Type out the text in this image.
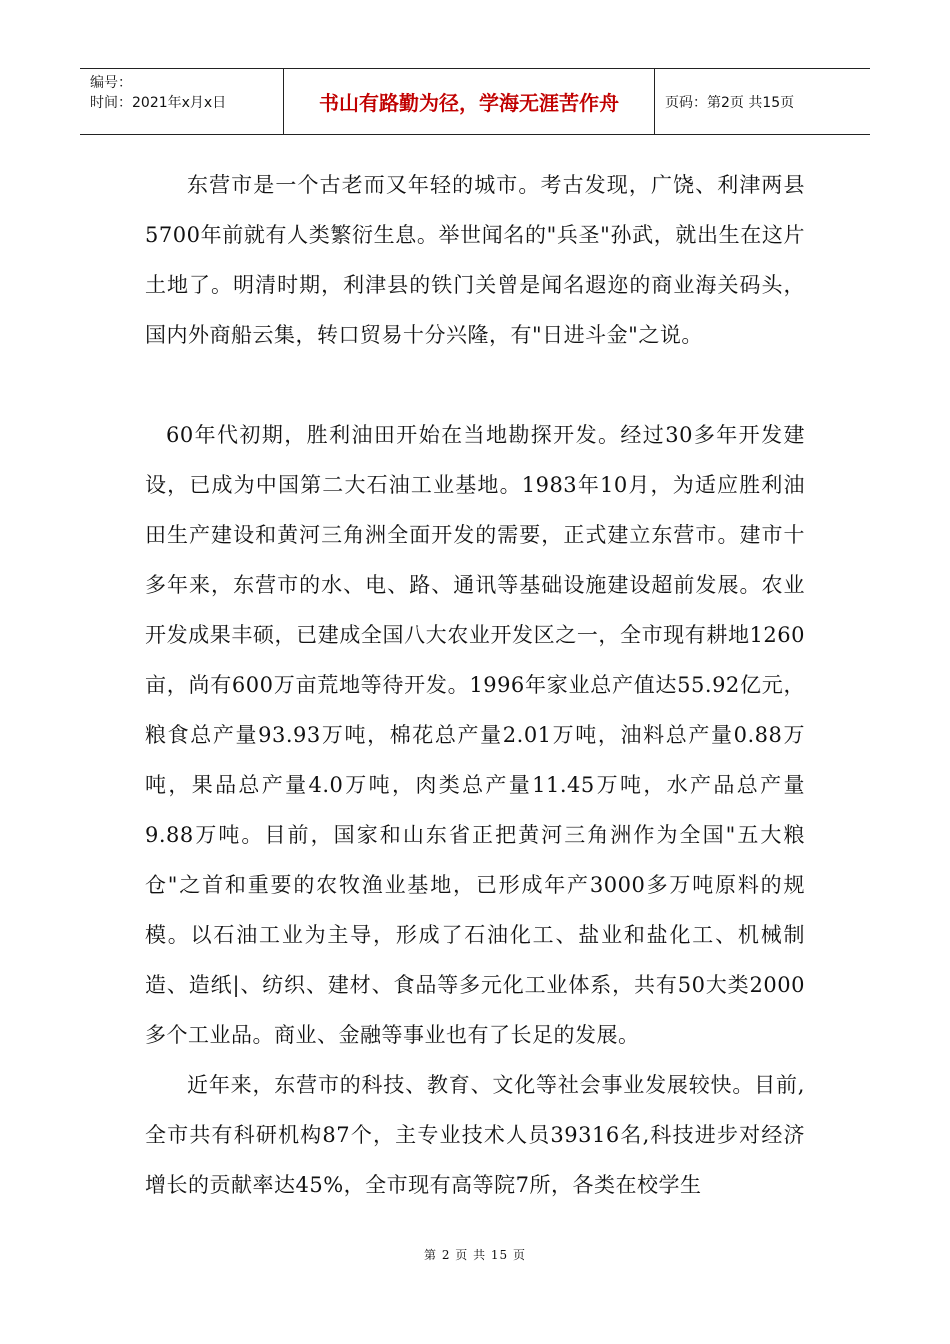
编号：
时间：2021年x月x日	书山有路勤为径，学海无涯苦作舟	页码：第2页 共15页

东营市是一个古老而又年轻的城市。考古发现，广饶、利津两县5700年前就有人类繁衍生息。举世闻名的"兵圣"孙武，就出生在这片土地了。明清时期，利津县的铁门关曾是闻名遐迩的商业海关码头，国内外商船云集，转口贸易十分兴隆，有"日进斗金"之说。

60年代初期，胜利油田开始在当地勘探开发。经过30多年开发建设，已成为中国第二大石油工业基地。1983年10月，为适应胜利油田生产建设和黄河三角洲全面开发的需要，正式建立东营市。建市十多年来，东营市的水、电、路、通讯等基础设施建设超前发展。农业开发成果丰硕，已建成全国八大农业开发区之一，全市现有耕地1260亩，尚有600万亩荒地等待开发。1996年家业总产值达55.92亿元，粮食总产量93.93万吨，棉花总产量2.01万吨，油料总产量0.88万吨，果品总产量4.0万吨，肉类总产量11.45万吨，水产品总产量9.88万吨。目前，国家和山东省正把黄河三角洲作为全国"五大粮仓"之首和重要的农牧渔业基地，已形成年产3000多万吨原料的规模。以石油工业为主导，形成了石油化工、盐业和盐化工、机械制造、造纸|、纺织、建材、食品等多元化工业体系，共有50大类2000多个工业品。商业、金融等事业也有了长足的发展。

近年来，东营市的科技、教育、文化等社会事业发展较快。目前,全市共有科研机构87个，主专业技术人员39316名,科技进步对经济增长的贡献率达45%，全市现有高等院7所，各类在校学生

第 2 页 共 15 页
